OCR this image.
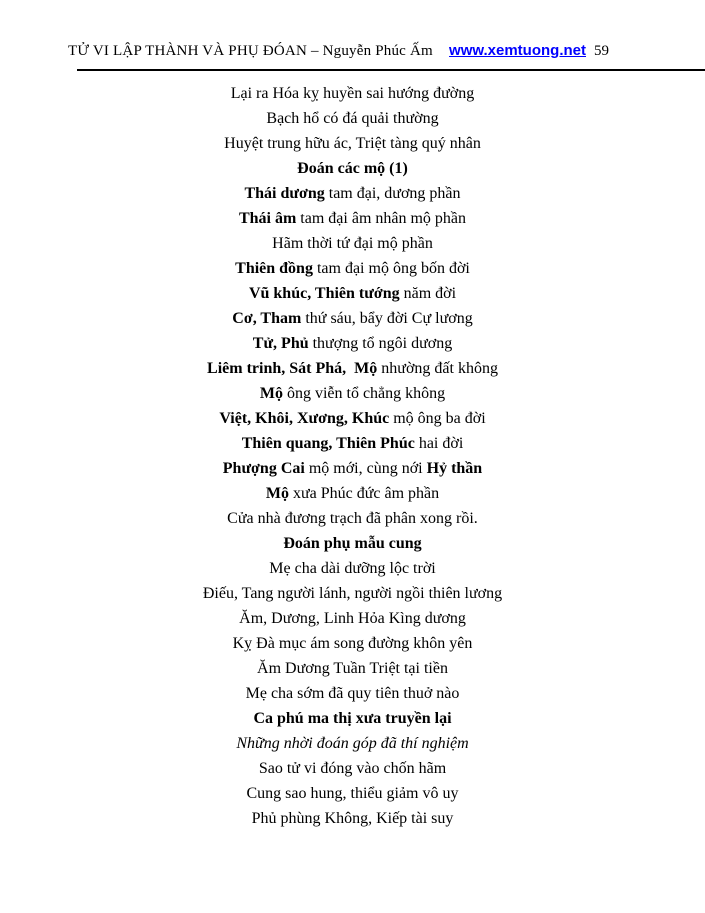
TỬ VI LẬP THÀNH VÀ PHỤ ĐÓAN – Nguyễn Phúc Ấm www.xemtuong.net 59
Lại ra Hóa kỵ huyền sai hướng đường
Bạch hổ có đá quải thường
Huyệt trung hữu ác, Triệt tàng quý nhân
Đoán các mộ (1)
Thái dương tam đại, dương phần
Thái âm tam đại âm nhân mộ phần
Hãm thời tứ đại mộ phần
Thiên đồng tam đại mộ ông bốn đời
Vũ khúc, Thiên tướng năm đời
Cơ, Tham thứ sáu, bẩy đời Cự lương
Tử, Phủ thượng tổ ngôi dương
Liêm trinh, Sát Phá,  Mộ nhường đất không
Mộ ông viễn tổ chẳng không
Việt, Khôi, Xương, Khúc mộ ông ba đời
Thiên quang, Thiên Phúc hai đời
Phượng Cai mộ mới, cùng nới Hỷ thần
Mộ xưa Phúc đức âm phần
Cửa nhà đương trạch đã phân xong rồi.
Đoán phụ mẫu cung
Mẹ cha dài dưỡng lộc trời
Điếu, Tang người lánh, người ngồi thiên lương
Ăm, Dương, Linh Hỏa Kìng dương
Kỵ Đà mục ám song đường khôn yên
Ăm Dương Tuần Triệt tại tiền
Mẹ cha sớm đã quy tiên thuở nào
Ca phú ma thị xưa truyền lại
Những nhời đoán góp đã thí nghiệm
Sao tử vi đóng vào chốn hãm
Cung sao hung, thiểu giảm vô uy
Phủ phùng Không, Kiếp tài suy
